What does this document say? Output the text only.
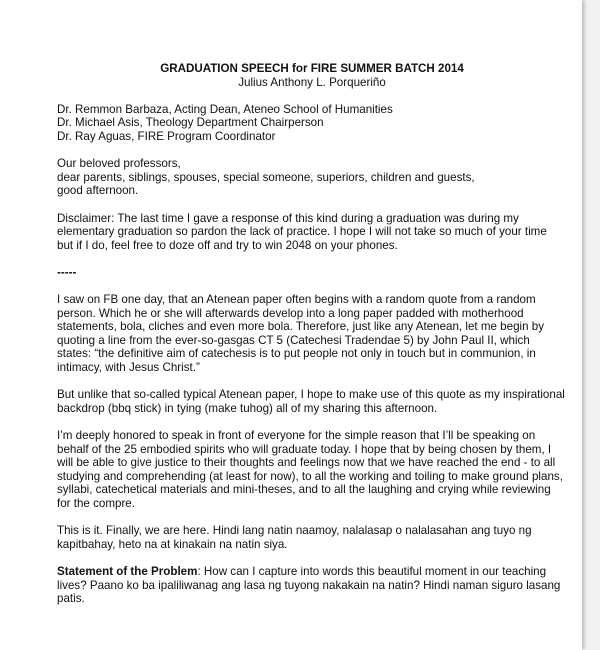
GRADUATION SPEECH for FIRE SUMMER BATCH 2014
Julius Anthony L. Porqueriño

Dr. Remmon Barbaza, Acting Dean, Ateneo School of Humanities
Dr. Michael Asis, Theology Department Chairperson
Dr. Ray Aguas, FIRE Program Coordinator

Our beloved professors,
dear parents, siblings, spouses, special someone, superiors, children and guests,
good afternoon.

Disclaimer: The last time I gave a response of this kind during a graduation was during my
elementary graduation so pardon the lack of practice. I hope I will not take so much of your time
but if I do, feel free to doze off and try to win 2048 on your phones.

-----

I saw on FB one day, that an Atenean paper often begins with a random quote from a random
person. Which he or she will afterwards develop into a long paper padded with motherhood
statements, bola, cliches and even more bola. Therefore, just like any Atenean, let me begin by
quoting a line from the ever-so-gasgas CT 5 (Catechesi Tradendae 5) by John Paul II, which
states: “the definitive aim of catechesis is to put people not only in touch but in communion, in
intimacy, with Jesus Christ.”

But unlike that so-called typical Atenean paper, I hope to make use of this quote as my inspirational
backdrop (bbq stick) in tying (make tuhog) all of my sharing this afternoon.

I’m deeply honored to speak in front of everyone for the simple reason that I’ll be speaking on
behalf of the 25 embodied spirits who will graduate today. I hope that by being chosen by them, I
will be able to give justice to their thoughts and feelings now that we have reached the end - to all
studying and comprehending (at least for now), to all the working and toiling to make ground plans,
syllabi, catechetical materials and mini-theses, and to all the laughing and crying while reviewing
for the compre.

This is it. Finally, we are here. Hindi lang natin naamoy, nalalasap o nalalasahan ang tuyo ng
kapitbahay, heto na at kinakain na natin siya.

Statement of the Problem: How can I capture into words this beautiful moment in our teaching
lives? Paano ko ba ipaliliwanag ang lasa ng tuyong nakakain na natin? Hindi naman siguro lasang
patis.
